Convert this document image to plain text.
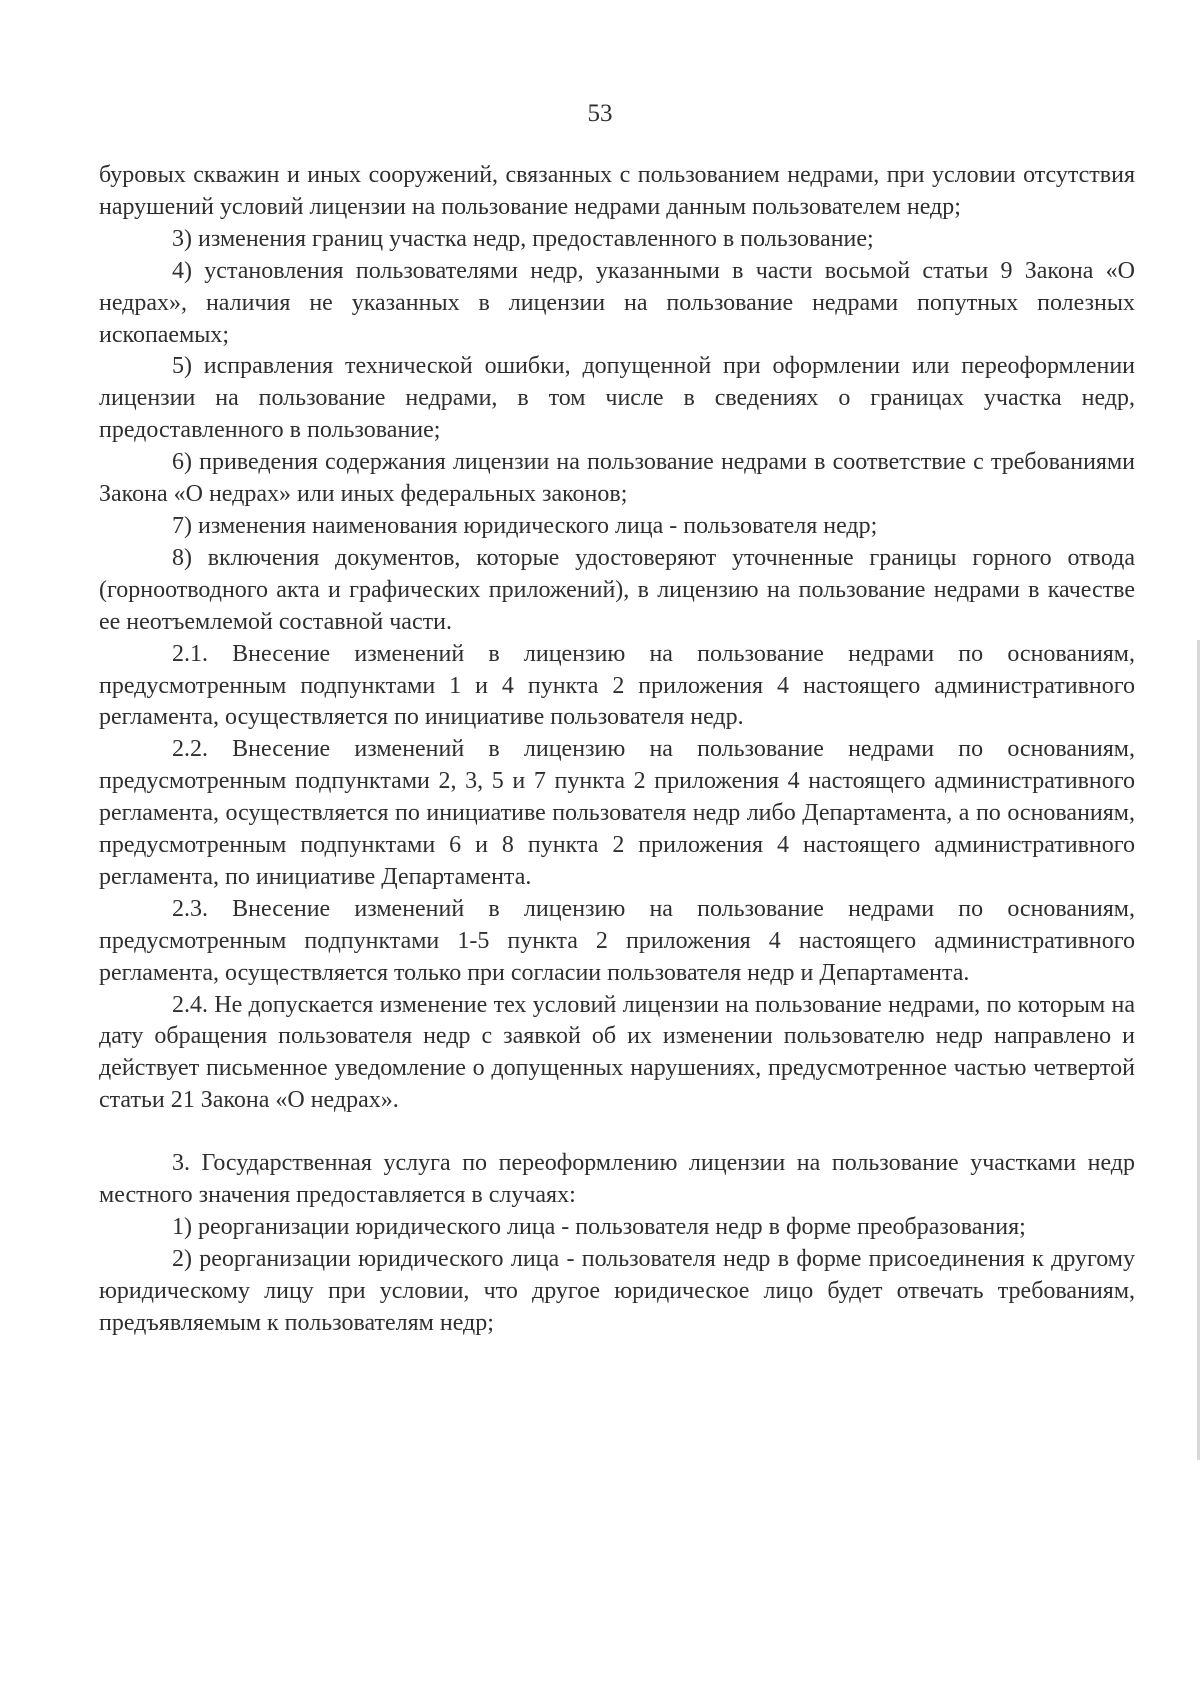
53

буровых скважин и иных сооружений, связанных с пользованием недрами, при условии отсутствия нарушений условий лицензии на пользование недрами данным пользователем недр;

3) изменения границ участка недр, предоставленного в пользование;

4) установления пользователями недр, указанными в части восьмой статьи 9 Закона «О недрах», наличия не указанных в лицензии на пользование недрами попутных полезных ископаемых;

5) исправления технической ошибки, допущенной при оформлении или переоформлении лицензии на пользование недрами, в том числе в сведениях о границах участка недр, предоставленного в пользование;

6) приведения содержания лицензии на пользование недрами в соответствие с требованиями Закона «О недрах» или иных федеральных законов;

7) изменения наименования юридического лица - пользователя недр;

8) включения документов, которые удостоверяют уточненные границы горного отвода (горноотводного акта и графических приложений), в лицензию на пользование недрами в качестве ее неотъемлемой составной части.

2.1. Внесение изменений в лицензию на пользование недрами по основаниям, предусмотренным подпунктами 1 и 4 пункта 2 приложения 4 настоящего административного регламента, осуществляется по инициативе пользователя недр.

2.2. Внесение изменений в лицензию на пользование недрами по основаниям, предусмотренным подпунктами 2, 3, 5 и 7 пункта 2 приложения 4 настоящего административного регламента, осуществляется по инициативе пользователя недр либо Департамента, а по основаниям, предусмотренным подпунктами 6 и 8 пункта 2 приложения 4 настоящего административного регламента, по инициативе Департамента.

2.3. Внесение изменений в лицензию на пользование недрами по основаниям, предусмотренным подпунктами 1-5 пункта 2 приложения 4 настоящего административного регламента, осуществляется только при согласии пользователя недр и Департамента.

2.4. Не допускается изменение тех условий лицензии на пользование недрами, по которым на дату обращения пользователя недр с заявкой об их изменении пользователю недр направлено и действует письменное уведомление о допущенных нарушениях, предусмотренное частью четвертой статьи 21 Закона «О недрах».

3. Государственная услуга по переоформлению лицензии на пользование участками недр местного значения предоставляется в случаях:

1) реорганизации юридического лица - пользователя недр в форме преобразования;

2) реорганизации юридического лица - пользователя недр в форме присоединения к другому юридическому лицу при условии, что другое юридическое лицо будет отвечать требованиям, предъявляемым к пользователям недр;
